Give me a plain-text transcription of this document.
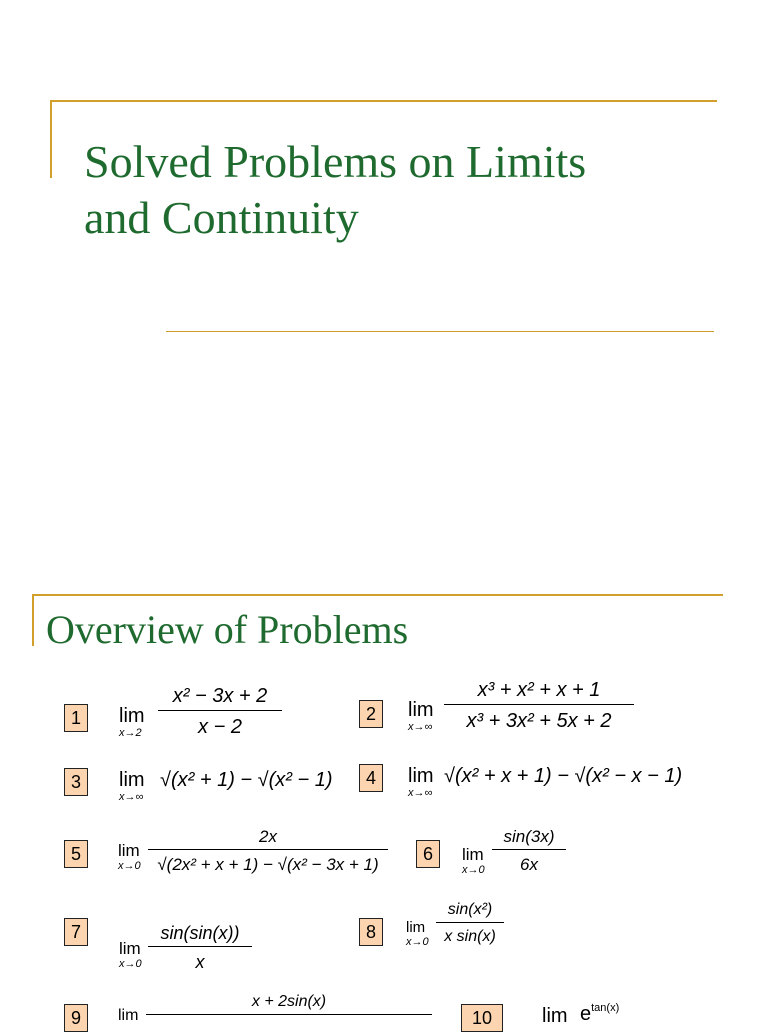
Solved Problems on Limits
and Continuity
Overview of Problems
1	lim
x→2
x² − 3x + 2
x − 2
2	lim
x→∞
x³ + x² + x + 1
x³ + 3x² + 5x + 2
3	lim
x→∞
√(x² + 1) − √(x² − 1)	4	lim
x→∞
√(x² + x + 1) − √(x² − x − 1)
5	lim
x→0
2x
√(2x² + x + 1) − √(x² − 3x + 1)
6	lim
x→0
sin(3x)
6x
7
lim
x→0
sin(sin(x))
x
8	lim
x→0
sin(x²)
x sin(x)
9	lim
x + 2sin(x)
10	$\lim e^{tan(x)}$
